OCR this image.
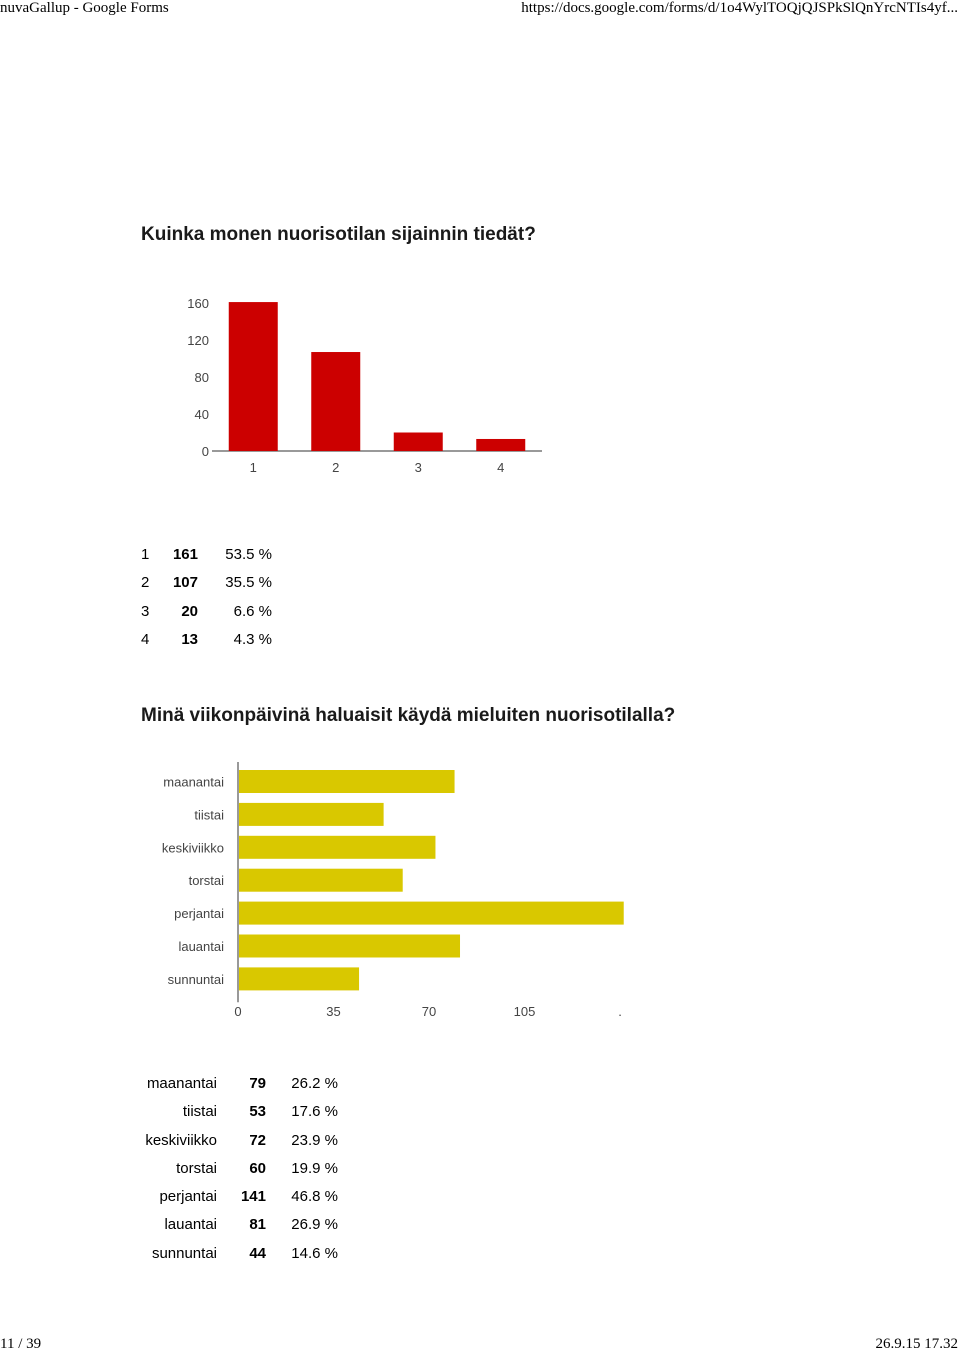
nuvaGallup - Google Forms	https://docs.google.com/forms/d/1o4WylTOQjQJSPkSlQnYrcNTIs4yf...
Kuinka monen nuorisotilan sijainnin tiedät?
0
40
80
120
160
1	2	3	4
1	161	53.5 %
2	107	35.5 %
3	20	6.6 %
4	13	4.3 %
Minä viikonpäivinä haluaisit käydä mieluiten nuorisotilalla?
maanantai
tiistai
keskiviikko
torstai
perjantai
lauantai
sunnuntai
0	35	70	105	.
maanantai	79	26.2 %
tiistai	53	17.6 %
keskiviikko	72	23.9 %
torstai	60	19.9 %
perjantai	141	46.8 %
lauantai	81	26.9 %
sunnuntai	44	14.6 %
11 / 39	26.9.15 17.32
